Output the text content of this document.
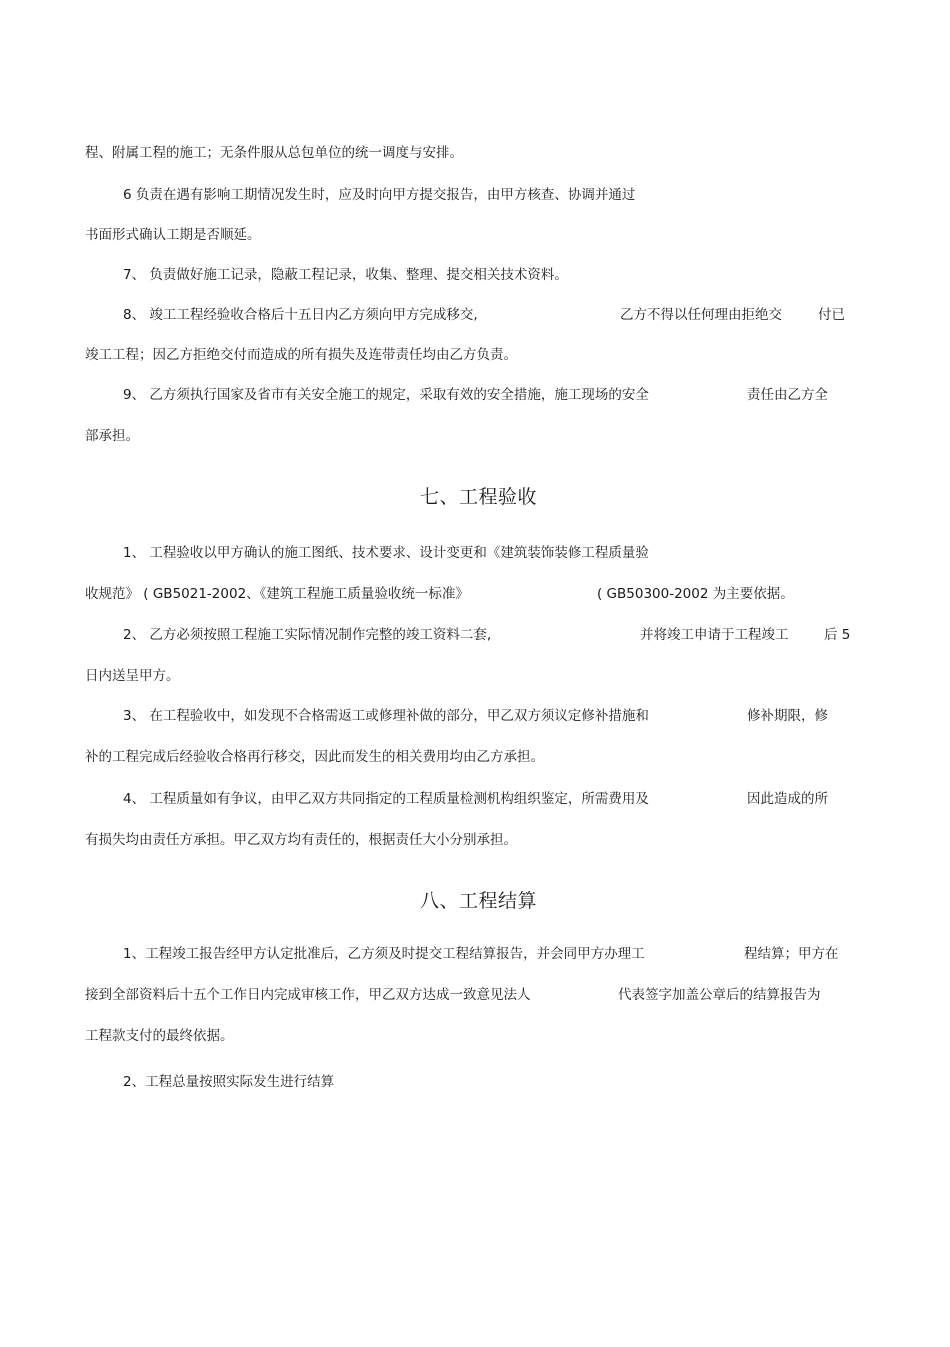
程、附属工程的施工；无条件服从总包单位的统一调度与安排。
6 负责在遇有影响工期情况发生时，应及时向甲方提交报告，由甲方核查、协调并通过
书面形式确认工期是否顺延。
7、 负责做好施工记录，隐蔽工程记录，收集、整理、提交相关技术资料。
8、 竣工工程经验收合格后十五日内乙方须向甲方完成移交,	乙方不得以任何理由拒绝交	付已
竣工工程；因乙方拒绝交付而造成的所有损失及连带责任均由乙方负责。
9、 乙方须执行国家及省市有关安全施工的规定，采取有效的安全措施，施工现场的安全	责任由乙方全
部承担。
七、工程验收
1、 工程验收以甲方确认的施工图纸、技术要求、设计变更和《建筑装饰装修工程质量验
收规范》 ( GB5021-2002、《建筑工程施工质量验收统一标准》	( GB50300-2002 为主要依据。
2、 乙方必须按照工程施工实际情况制作完整的竣工资料二套,	并将竣工申请于工程竣工	后 5
日内送呈甲方。
3、 在工程验收中，如发现不合格需返工或修理补做的部分，甲乙双方须议定修补措施和	修补期限，修
补的工程完成后经验收合格再行移交，因此而发生的相关费用均由乙方承担。
4、 工程质量如有争议，由甲乙双方共同指定的工程质量检测机构组织鉴定，所需费用及	因此造成的所
有损失均由责任方承担。甲乙双方均有责任的，根据责任大小分别承担。
八、工程结算
1、工程竣工报告经甲方认定批准后，乙方须及时提交工程结算报告，并会同甲方办理工	程结算；甲方在
接到全部资料后十五个工作日内完成审核工作，甲乙双方达成一致意见法人	代表签字加盖公章后的结算报告为
工程款支付的最终依据。
2、工程总量按照实际发生进行结算
